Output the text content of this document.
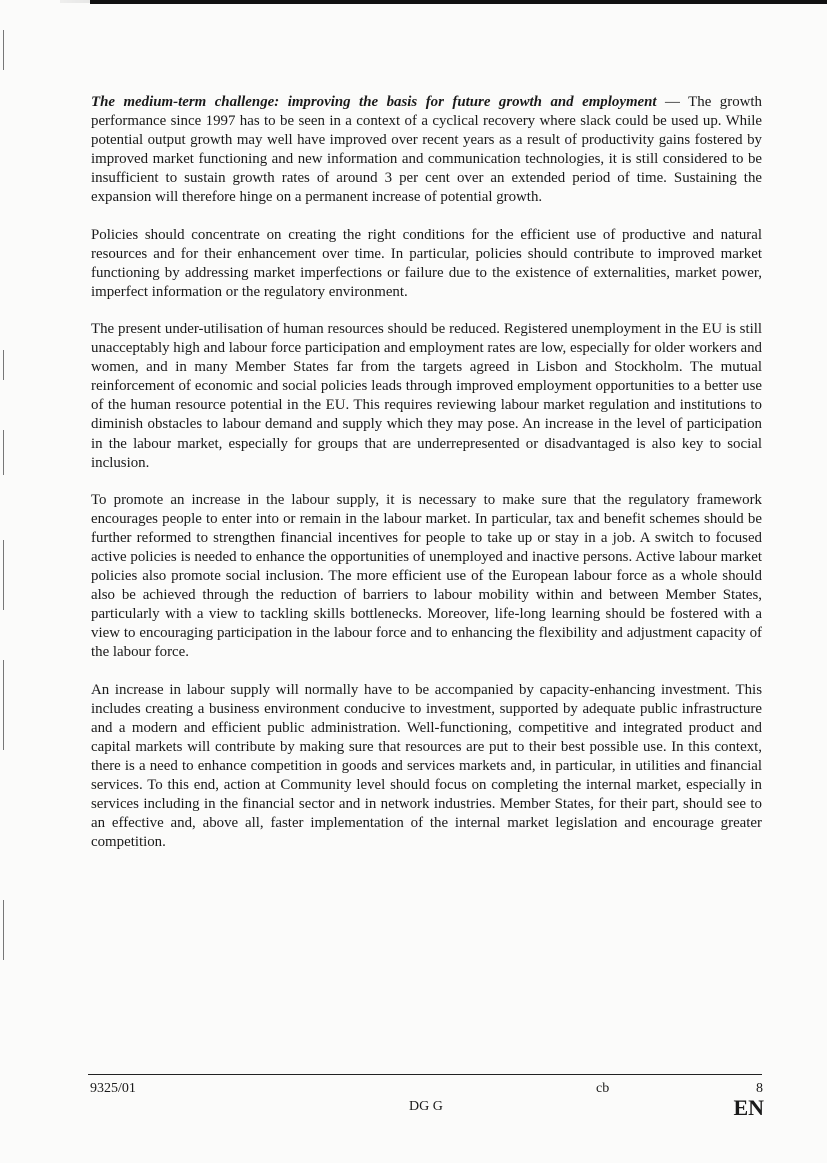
The medium-term challenge: improving the basis for future growth and employment — The growth performance since 1997 has to be seen in a context of a cyclical recovery where slack could be used up. While potential output growth may well have improved over recent years as a result of productivity gains fostered by improved market functioning and new information and communication technologies, it is still considered to be insufficient to sustain growth rates of around 3 per cent over an extended period of time. Sustaining the expansion will therefore hinge on a permanent increase of potential growth.

Policies should concentrate on creating the right conditions for the efficient use of productive and natural resources and for their enhancement over time. In particular, policies should contribute to improved market functioning by addressing market imperfections or failure due to the existence of externalities, market power, imperfect information or the regulatory environment.

The present under-utilisation of human resources should be reduced. Registered unemployment in the EU is still unacceptably high and labour force participation and employment rates are low, especially for older workers and women, and in many Member States far from the targets agreed in Lisbon and Stockholm. The mutual reinforcement of economic and social policies leads through improved employment opportunities to a better use of the human resource potential in the EU. This requires reviewing labour market regulation and institutions to diminish obstacles to labour demand and supply which they may pose. An increase in the level of participation in the labour market, especially for groups that are underrepresented or disadvantaged is also key to social inclusion.

To promote an increase in the labour supply, it is necessary to make sure that the regulatory framework encourages people to enter into or remain in the labour market. In particular, tax and benefit schemes should be further reformed to strengthen financial incentives for people to take up or stay in a job. A switch to focused active policies is needed to enhance the opportunities of unemployed and inactive persons. Active labour market policies also promote social inclusion. The more efficient use of the European labour force as a whole should also be achieved through the reduction of barriers to labour mobility within and between Member States, particularly with a view to tackling skills bottlenecks. Moreover, life-long learning should be fostered with a view to encouraging participation in the labour force and to enhancing the flexibility and adjustment capacity of the labour force.

An increase in labour supply will normally have to be accompanied by capacity-enhancing investment. This includes creating a business environment conducive to investment, supported by adequate public infrastructure and a modern and efficient public administration. Well-functioning, competitive and integrated product and capital markets will contribute by making sure that resources are put to their best possible use. In this context, there is a need to enhance competition in goods and services markets and, in particular, in utilities and financial services. To this end, action at Community level should focus on completing the internal market, especially in services including in the financial sector and in network industries. Member States, for their part, should see to an effective and, above all, faster implementation of the internal market legislation and encourage greater competition.

9325/01	cb	8
DG G	EN
